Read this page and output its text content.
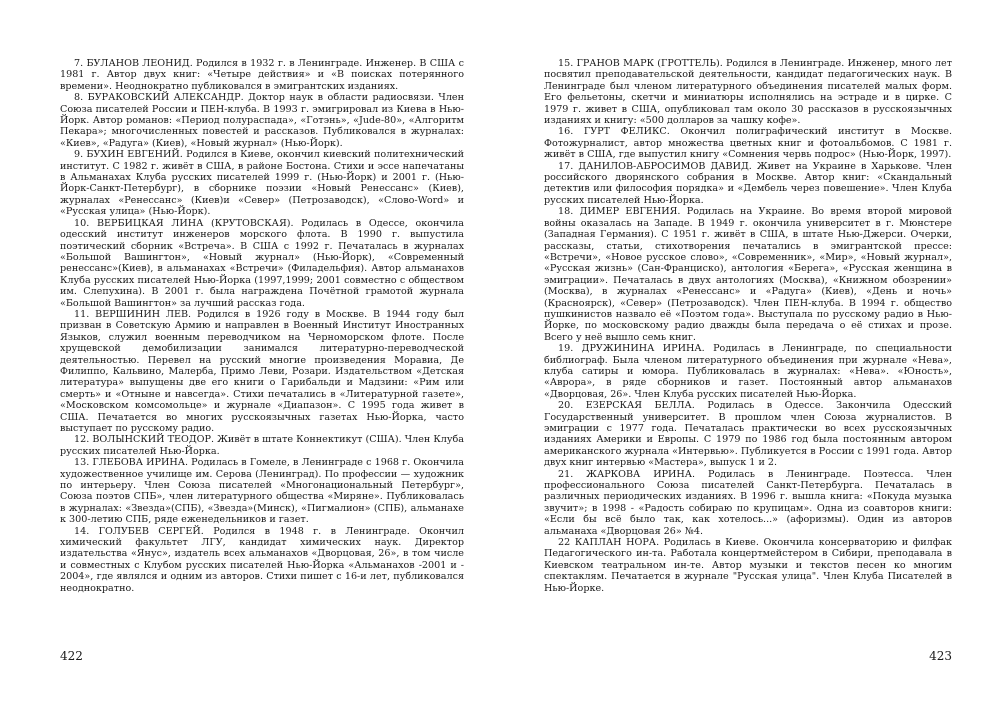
7. БУЛАНОВ ЛЕОНИД. Родился в 1932 г. в Ленинграде. Инженер. В США с 1981 г. Автор двух книг: «Четыре действия» и «В поисках потерянного времени». Неоднократно публиковался в эмигрантских изданиях.

8. БУРАКОВСКИЙ АЛЕКСАНДР. Доктор наук в области радиосвязи. Член Союза писателей России и ПЕН-клуба. В 1993 г. эмигрировал из Киева в Нью-Йорк. Автор романов: «Период полураспада», «Готэнь», «Jude-80», «Алгоритм Пекара»; многочисленных повестей и рассказов. Публиковался в журналах: «Киев», «Радуга» (Киев), «Новый журнал» (Нью-Йорк).

9. БУХИН ЕВГЕНИЙ. Родился в Киеве, окончил киевский политехнический институт. С 1982 г. живёт в США, в районе Бостона. Стихи и эссе напечатаны в Альманахах Клуба русских писателей 1999 г. (Нью-Йорк) и 2001 г. (Нью-Йорк-Санкт-Петербург), в сборнике поэзии «Новый Ренессанс» (Киев), журналах «Ренессанс» (Киев)и «Север» (Петрозаводск), «Слово-Word» и «Русская улица» (Нью-Йорк).

10. ВЕРБИЦКАЯ ЛИНА (КРУТОВСКАЯ). Родилась в Одессе, окончила одесский институт инженеров морского флота. В 1990 г. выпустила поэтический сборник «Встреча». В США с 1992 г. Печаталась в журналах «Большой Вашингтон», «Новый журнал» (Нью-Йорк), «Современный ренессанс»(Киев), в альманахах «Встречи» (Филадельфия). Автор альманахов Клуба русских писателей Нью-Йорка (1997,1999; 2001 совместно с обществом им. Слепухина). В 2001 г. была награждена Почётной грамотой журнала «Большой Вашингтон» за лучший рассказ года.

11. ВЕРШИНИН ЛЕВ. Родился в 1926 году в Москве. В 1944 году был призван в Советскую Армию и направлен в Военный Институт Иностранных Языков, служил военным переводчиком на Черноморском флоте. После хрущевской демобилизации занимался литературно-переводческой деятельностью. Перевел на русский многие произведения Моравиа, Де Филиппо, Кальвино, Малерба, Примо Леви, Розари. Издательством «Детская литература» выпущены две его книги о Гарибальди и Мадзини: «Рим или смерть» и «Отныне и навсегда». Стихи печатались в «Литературной газете», «Московском комсомольце» и журнале «Диапазон». С 1995 года живет в США. Печатается во многих русскоязычных газетах Нью-Йорка, часто выступает по русскому радио.

12. ВОЛЫНСКИЙ ТЕОДОР. Живёт в штате Коннектикут (США). Член Клуба русских писателей Нью-Йорка.

13. ГЛЕБОВА ИРИНА. Родилась в Гомеле, в Ленинграде с 1968 г. Окончила художественное училище им. Серова (Ленинград). По профессии — художник по интерьеру. Член Союза писателей «Многонациональный Петербург», Союза поэтов СПБ», член литературного общества «Миряне». Публиковалась в журналах: «Звезда»(СПБ), «Звезда»(Минск), «Пигмалион» (СПБ), альманахе к 300-летию СПБ, ряде еженедельников и газет.

14. ГОЛУБЕВ СЕРГЕЙ. Родился в 1948 г. в Ленинграде. Окончил химический факультет ЛГУ, кандидат химических наук. Директор издательства «Янус», издатель всех альманахов «Дворцовая, 26», в том числе и совместных с Клубом русских писателей Нью-Йорка «Альманахов -2001 и - 2004», где являлся и одним из авторов. Стихи пишет с 16-и лет, публиковался неоднократно.

422

15. ГРАНОВ МАРК (ГРОТТЕЛЬ). Родился в Ленинграде. Инженер, много лет посвятил преподавательской деятельности, кандидат педагогических наук. В Ленинграде был членом литературного объединения писателей малых форм. Его фельетоны, скетчи и миниатюры исполнялись на эстраде и в цирке. С 1979 г. живет в США, опубликовал там около 30 рассказов в русскоязычных изданиях и книгу: «500 долларов за чашку кофе».

16. ГУРТ ФЕЛИКС. Окончил полиграфический институт в Москве. Фотожурналист, автор множества цветных книг и фотоальбомов. С 1981 г. живёт в США, где выпустил книгу «Сомнения червь подрос» (Нью-Йорк, 1997).

17. ДАНИЛОВ-АБРОСИМОВ ДАВИД. Живет на Украине в Харькове. Член российского дворянского собрания в Москве. Автор книг: «Скандальный детектив или философия порядка» и «Дембель через повешение». Член Клуба русских писателей Нью-Йорка.

18. ДИМЕР ЕВГЕНИЯ. Родилась на Украине. Во время второй мировой войны оказалась на Западе. В 1949 г. окончила университет в г. Мюнстере (Западная Германия). С 1951 г. живёт в США, в штате Нью-Джерси. Очерки, рассказы, статьи, стихотворения печатались в эмигрантской прессе: «Встречи», «Новое русское слово», «Современник», «Мир», «Новый журнал», «Русская жизнь» (Сан-Франциско), антология «Берега», «Русская женщина в эмиграции». Печаталась в двух антологиях (Москва), «Книжном обозрении» (Москва), в журналах «Ренессанс» и «Радуга» (Киев), «День и ночь» (Красноярск), «Север» (Петрозаводск). Член ПЕН-клуба. В 1994 г. общество пушкинистов назвало её «Поэтом года». Выступала по русскому радио в Нью-Йорке, по московскому радио дважды была передача о её стихах и прозе. Всего у неё вышло семь книг.

19. ДРУЖИНИНА ИРИНА. Родилась в Ленинграде, по специальности библиограф. Была членом литературного объединения при журнале «Нева», клуба сатиры и юмора. Публиковалась в журналах: «Нева». «Юность», «Аврора», в ряде сборников и газет. Постоянный автор альманахов «Дворцовая, 26». Член Клуба русских писателей Нью-Йорка.

20. ЕЗЕРСКАЯ БЕЛЛА. Родилась в Одессе. Закончила Одесский Государственный университет. В прошлом член Союза журналистов. В эмиграции с 1977 года. Печаталась практически во всех русскоязычных изданиях Америки и Европы. С 1979 по 1986 год была постоянным автором американского журнала «Интервью». Публикуется в России с 1991 года. Автор двух книг интервью «Мастера», выпуск 1 и 2.

21. ЖАРКОВА ИРИНА. Родилась в Ленинграде. Поэтесса. Член профессионального Союза писателей Санкт-Петербурга. Печаталась в различных периодических изданиях. В 1996 г. вышла книга: «Покуда музыка звучит»; в 1998 - «Радость собираю по крупицам». Одна из соавторов книги: «Если бы всё было так, как хотелось...» (афоризмы). Один из авторов альманаха «Дворцовая 26» №4.

22 КАПЛАН НОРА. Родилась в Киеве. Окончила консерваторию и филфак Педагогического ин-та. Работала концертмейстером в Сибири, преподавала в Киевском театральном ин-те. Автор музыки и текстов песен ко многим спектаклям. Печатается в журнале "Русская улица". Член Клуба Писателей в Нью-Йорке.

423
